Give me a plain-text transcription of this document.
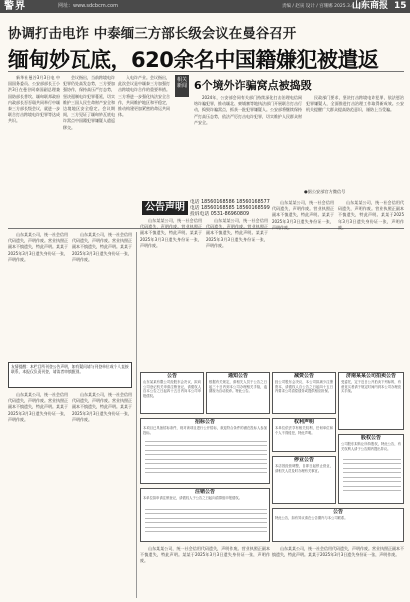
警界	网址：www.sdcbcm.com	责编 / 赵寅 设计 / 宫珊娜 2025.3.4 星期二
山东商报 15
协调打击电诈 中泰缅三方部长级会议在曼谷召开
缅甸妙瓦底，620余名中国籍嫌犯被遣返

新华社曼谷3月3日电 中国国务委员、公安部部长王小洪3日在曼谷同泰国副总理兼国防部长普坎、缅甸联邦政府内政部长吞吞瑙共同举行中缅泰三方部长级会议，就进一步联合打击跨境电诈犯罪等达成共识。

会议指出，当前跨境电诈犯罪仍处高发态势，三方要加强协作，保持高压严打态势，坚决遏制电诈犯罪蔓延，切实维护三国人民生命财产安全和边境地区安全稳定。会议期间，三方见证了缅甸妙瓦底电诈窝点中国籍犯罪嫌疑人遣返移交。

入电诈产业。会议指出，此次会议是中缅泰三方加强打击跨境电诈合作的重要举措。三方将进一步强化执法安全合作，共同维护地区和平稳定，推动构建更加紧密的命运共同体。

相关新闻 6个境外诈骗窝点被捣毁

2024年，公安部会同有关部门持续深化打击治理电信网络诈骗犯罪，推动缅北、柬埔寨等地执法部门开展联合打击行动，捣毁诈骗窝点，抓获一批犯罪嫌疑人。公安部将继续保持严打高压态势，依法严厉打击电诈犯罪，切实维护人民群众财产安全。

民政部门要求，坚决打击跨境电诈犯罪，依法惩治犯罪嫌疑人，全面推进打击治理工作取得新成效。公安机关提醒广大群众提高防范意识，谨防上当受骗。

●据公安部官方微信号
公告声明	电话 18560168586 18560168577
电话 18560168585 18560168599
投诉电话 0531-86960809

山东某某公司，统一社会信用代码遗失，声明作废。营业执照正副本不慎遗失，特此声明。某某于2025年3月3日遗失身份证一张，声明作废。

山东某某公司，统一社会信用代码遗失，声明作废。营业执照正副本不慎遗失，特此声明。某某于2025年3月3日遗失身份证一张，声明作废。

友情提醒：本栏目所刊登公告声明，如有疑问请与刊登单位或个人直接联系，本报仅负责刊登，请读者审慎甄别。

山东某某公司，统一社会信用代码遗失，声明作废。营业执照正副本不慎遗失，特此声明。某某于2025年3月3日遗失身份证一张，声明作废。

山东某某公司，统一社会信用代码遗失，声明作废。营业执照正副本不慎遗失，特此声明。某某于2025年3月3日遗失身份证一张，声明作废。

山东某某公司，统一社会信用代码遗失，声明作废。营业执照正副本不慎遗失，特此声明。某某于2025年3月3日遗失身份证一张，声明作废。

山东某某公司，统一社会信用代码遗失，声明作废。营业执照正副本不慎遗失，特此声明。某某于2025年3月3日遗失身份证一张，声明作废。

山东某某公司，统一社会信用代码遗失，声明作废。营业执照正副本不慎遗失，特此声明。某某于2025年3月3日遗失身份证一张，声明作废。

山东某某公司，统一社会信用代码遗失，声明作废。营业执照正副本不慎遗失，特此声明。某某于2025年3月3日遗失身份证一张，声明作废。

公告
山东某某有限公司经股东会决议，拟向公司登记机关申请注销登记，请债权人自本公告之日起四十五日内向本公司申报债权。
通知公告
根据有关规定，请相关人员于公告之日起三十日内到本公司办理相关手续，逾期视为自动放弃。特此公告。
减资公告
经公司股东会决议，本公司拟减少注册资本，请债权人自公告之日起四十五日内要求公司清偿债务或提供相应担保。
济南某某公司拍卖公告
受委托，定于近日公开拍卖下列标的，有意竞买者请于规定时间内到本公司办理竞买手续。
招标公告
本项目已具备招标条件，现对该项目进行公开招标，欢迎符合条件的潜在投标人参加投标。
权利声明
本单位依法享有相关权利，任何单位和个人不得侵犯，特此声明。
股权公告
公司股东拟转让所持股权，特此公告，有关权利人请于公告期内提出异议。
停业公告
本店因经营调整，自即日起停止营业，请相关人员及时办理有关事宜。
注销公告
本单位拟申请注销登记，请债权人于公告之日起向清算组申报债权。
公告
特此公告，如有异议请在公告期内与本公司联系。

山东某某公司，统一社会信用代码遗失，声明作废。营业执照正副本不慎遗失，特此声明。某某于2025年3月3日遗失身份证一张，声明作废。

山东某某公司，统一社会信用代码遗失，声明作废。营业执照正副本不慎遗失，特此声明。某某于2025年3月3日遗失身份证一张，声明作废。
